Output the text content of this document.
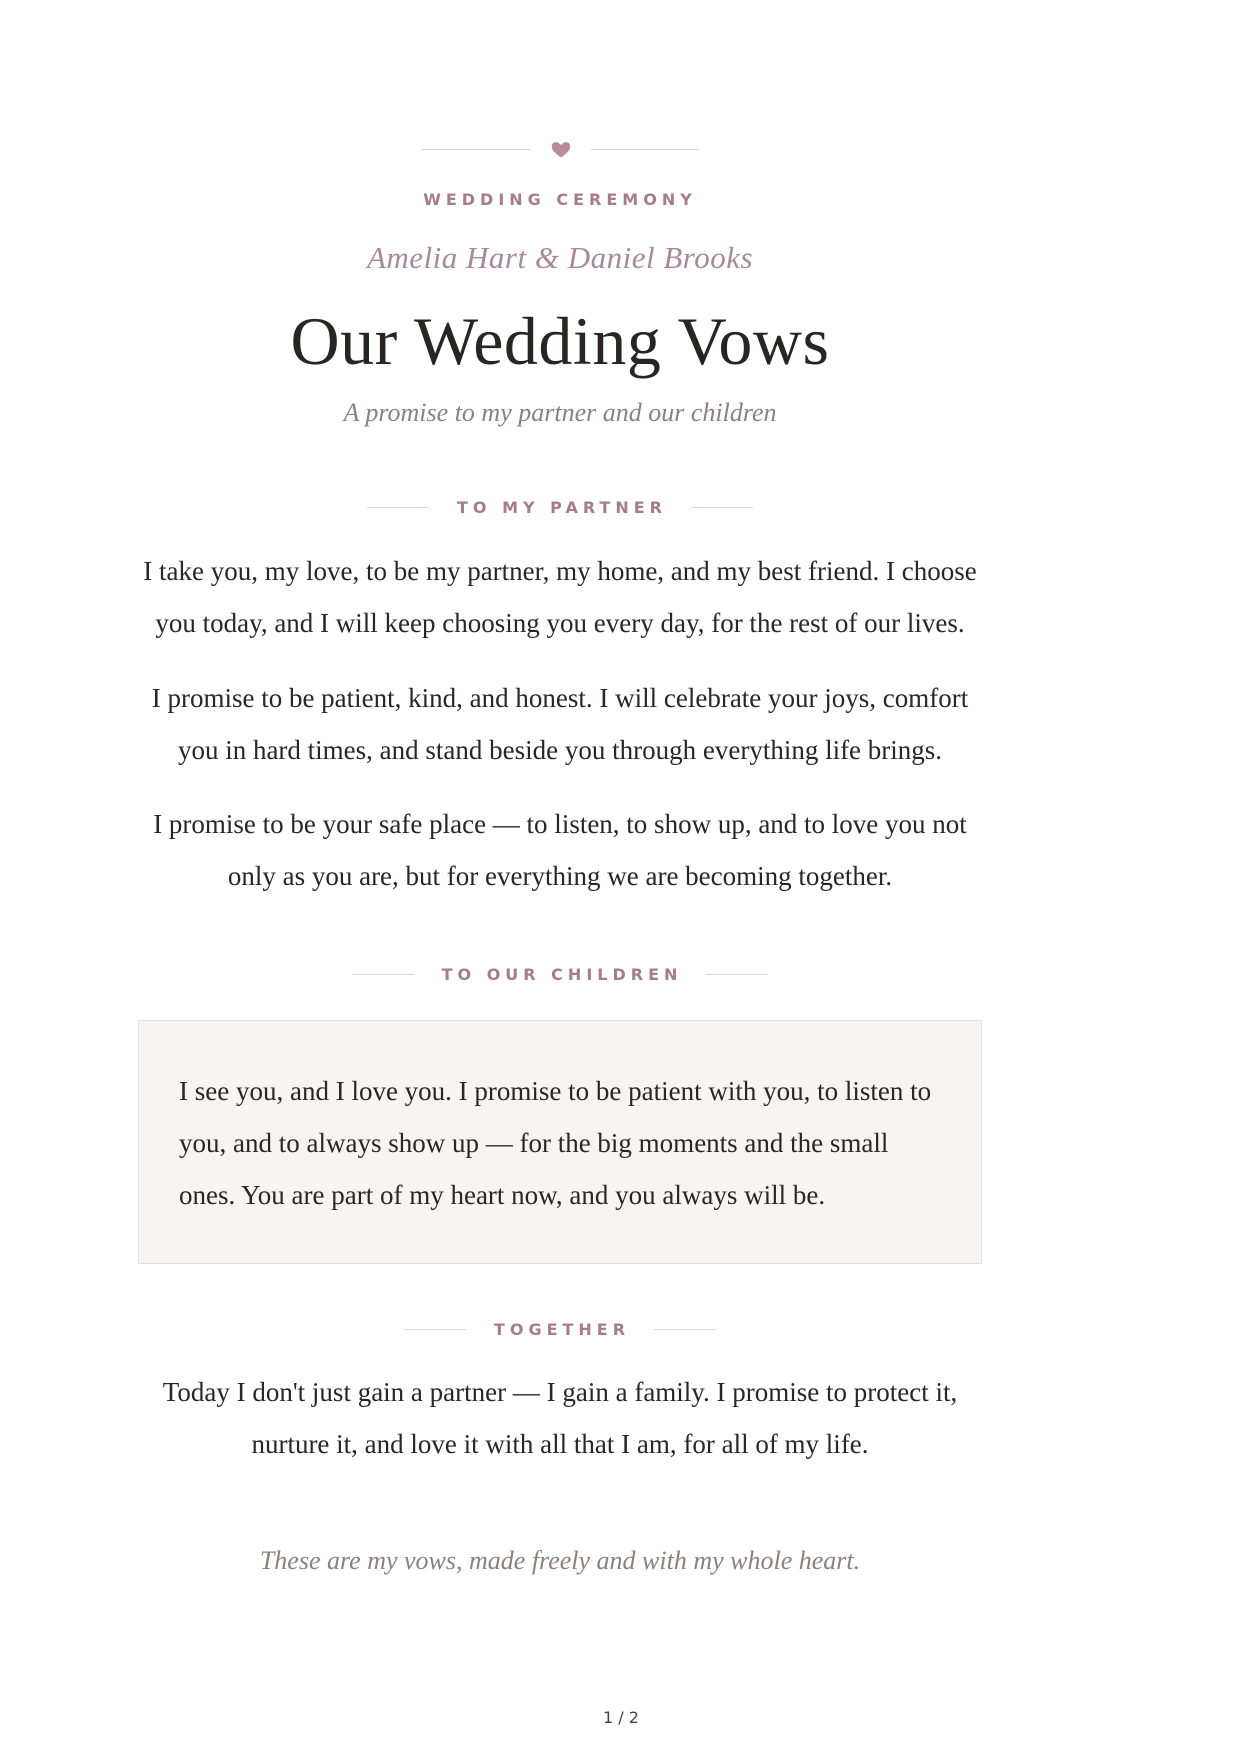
WEDDING CEREMONY
Amelia Hart & Daniel Brooks
Our Wedding Vows
A promise to my partner and our children
TO MY PARTNER
I take you, my love, to be my partner, my home, and my best friend. I choose you today, and I will keep choosing you every day, for the rest of our lives.
I promise to be patient, kind, and honest. I will celebrate your joys, comfort you in hard times, and stand beside you through everything life brings.
I promise to be your safe place — to listen, to show up, and to love you not only as you are, but for everything we are becoming together.
TO OUR CHILDREN
I see you, and I love you. I promise to be patient with you, to listen to you, and to always show up — for the big moments and the small ones. You are part of my heart now, and you always will be.
TOGETHER
Today I don't just gain a partner — I gain a family. I promise to protect it, nurture it, and love it with all that I am, for all of my life.
These are my vows, made freely and with my whole heart.
1 / 2
